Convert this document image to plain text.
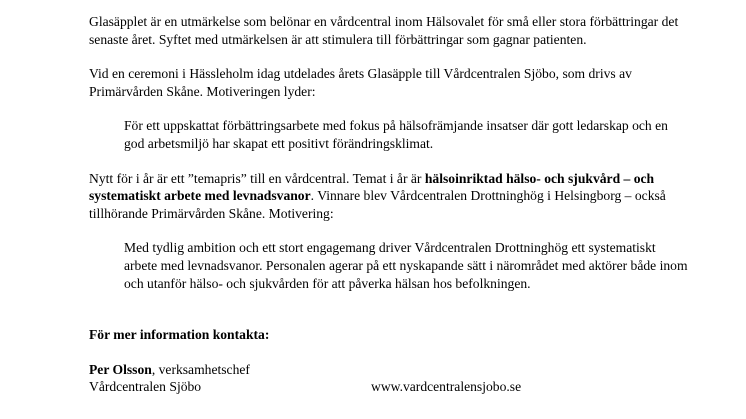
Glasäpplet är en utmärkelse som belönar en vårdcentral inom Hälsovalet för små eller stora förbättringar det senaste året. Syftet med utmärkelsen är att stimulera till förbättringar som gagnar patienten.

Vid en ceremoni i Hässleholm idag utdelades årets Glasäpple till Vårdcentralen Sjöbo, som drivs av Primärvården Skåne. Motiveringen lyder:

För ett uppskattat förbättringsarbete med fokus på hälsofrämjande insatser där gott ledarskap och en god arbetsmiljö har skapat ett positivt förändringsklimat.

Nytt för i år är ett ”temapris” till en vårdcentral. Temat i år är hälsoinriktad hälso- och sjukvård – och systematiskt arbete med levnadsvanor. Vinnare blev Vårdcentralen Drottninghög i Helsingborg – också tillhörande Primärvården Skåne. Motivering:

Med tydlig ambition och ett stort engagemang driver Vårdcentralen Drottninghög ett systematiskt arbete med levnadsvanor. Personalen agerar på ett nyskapande sätt i närområdet med aktörer både inom och utanför hälso- och sjukvården för att påverka hälsan hos befolkningen.

För mer information kontakta:

Per Olsson, verksamhetschef

Vårdcentralen Sjöbo	www.vardcentralensjobo.se
